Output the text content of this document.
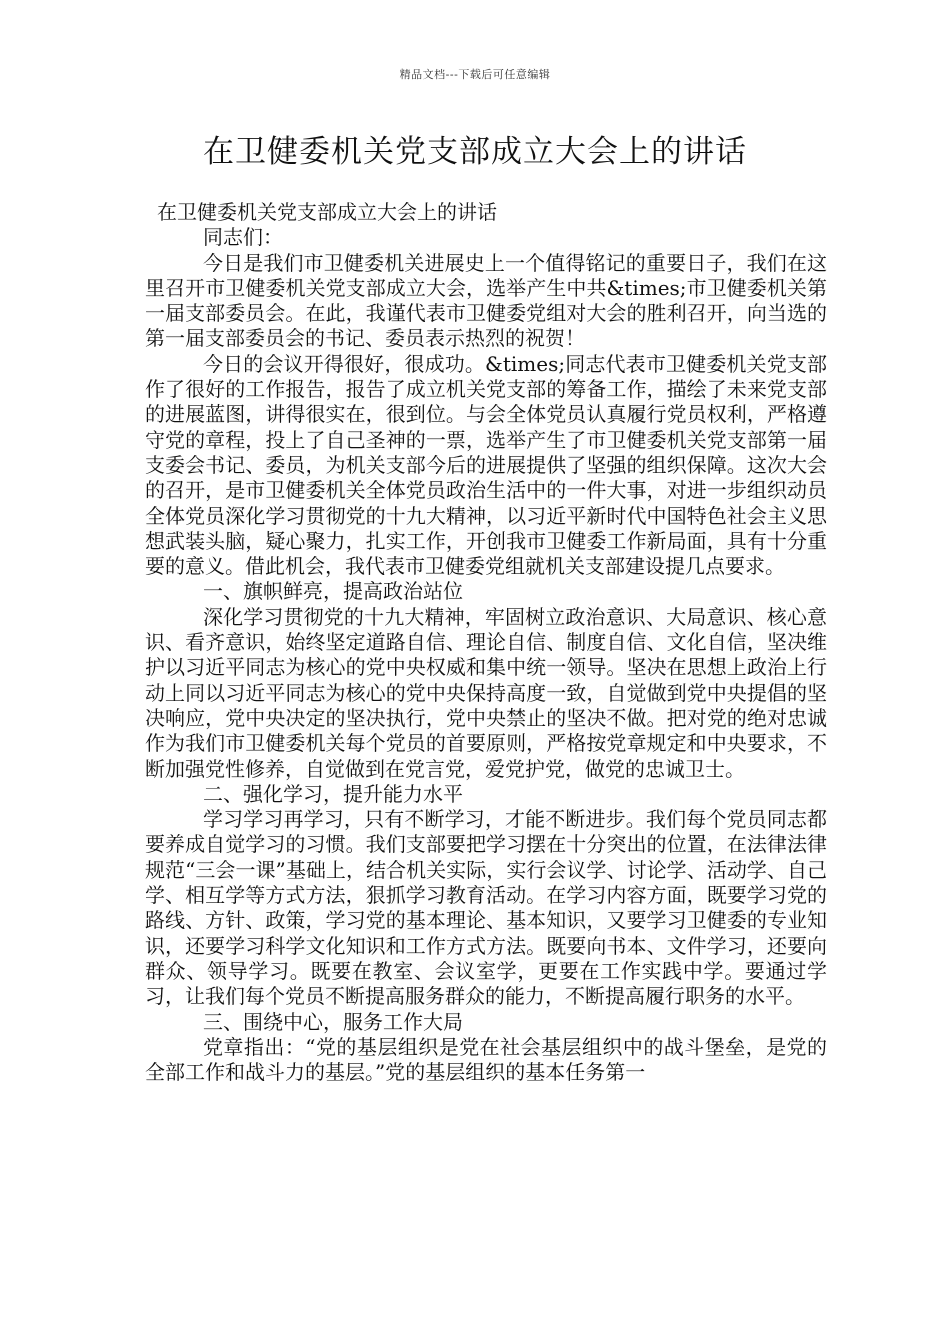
精品文档---下载后可任意编辑
在卫健委机关党支部成立大会上的讲话

在卫健委机关党支部成立大会上的讲话

同志们：

今日是我们市卫健委机关进展史上一个值得铭记的重要日子，我们在这里召开市卫健委机关党支部成立大会，选举产生中共&times;市卫健委机关第一届支部委员会。在此，我谨代表市卫健委党组对大会的胜利召开，向当选的第一届支部委员会的书记、委员表示热烈的祝贺！

今日的会议开得很好，很成功。&times;同志代表市卫健委机关党支部作了很好的工作报告，报告了成立机关党支部的筹备工作，描绘了未来党支部的进展蓝图，讲得很实在，很到位。与会全体党员认真履行党员权利，严格遵守党的章程，投上了自己圣神的一票，选举产生了市卫健委机关党支部第一届支委会书记、委员，为机关支部今后的进展提供了坚强的组织保障。这次大会的召开，是市卫健委机关全体党员政治生活中的一件大事，对进一步组织动员全体党员深化学习贯彻党的十九大精神，以习近平新时代中国特色社会主义思想武装头脑，疑心聚力，扎实工作，开创我市卫健委工作新局面，具有十分重要的意义。借此机会，我代表市卫健委党组就机关支部建设提几点要求。

一、旗帜鲜亮，提高政治站位

深化学习贯彻党的十九大精神，牢固树立政治意识、大局意识、核心意识、看齐意识，始终坚定道路自信、理论自信、制度自信、文化自信，坚决维护以习近平同志为核心的党中央权威和集中统一领导。坚决在思想上政治上行动上同以习近平同志为核心的党中央保持高度一致，自觉做到党中央提倡的坚决响应，党中央决定的坚决执行，党中央禁止的坚决不做。把对党的绝对忠诚作为我们市卫健委机关每个党员的首要原则，严格按党章规定和中央要求，不断加强党性修养，自觉做到在党言党，爱党护党，做党的忠诚卫士。

二、强化学习，提升能力水平

学习学习再学习，只有不断学习，才能不断进步。我们每个党员同志都要养成自觉学习的习惯。我们支部要把学习摆在十分突出的位置，在法律法律规范“三会一课”基础上，结合机关实际，实行会议学、讨论学、活动学、自己学、相互学等方式方法，狠抓学习教育活动。在学习内容方面，既要学习党的路线、方针、政策，学习党的基本理论、基本知识，又要学习卫健委的专业知识，还要学习科学文化知识和工作方式方法。既要向书本、文件学习，还要向群众、领导学习。既要在教室、会议室学，更要在工作实践中学。要通过学习，让我们每个党员不断提高服务群众的能力，不断提高履行职务的水平。

三、围绕中心，服务工作大局

党章指出：“党的基层组织是党在社会基层组织中的战斗堡垒，是党的全部工作和战斗力的基层。”党的基层组织的基本任务第一
